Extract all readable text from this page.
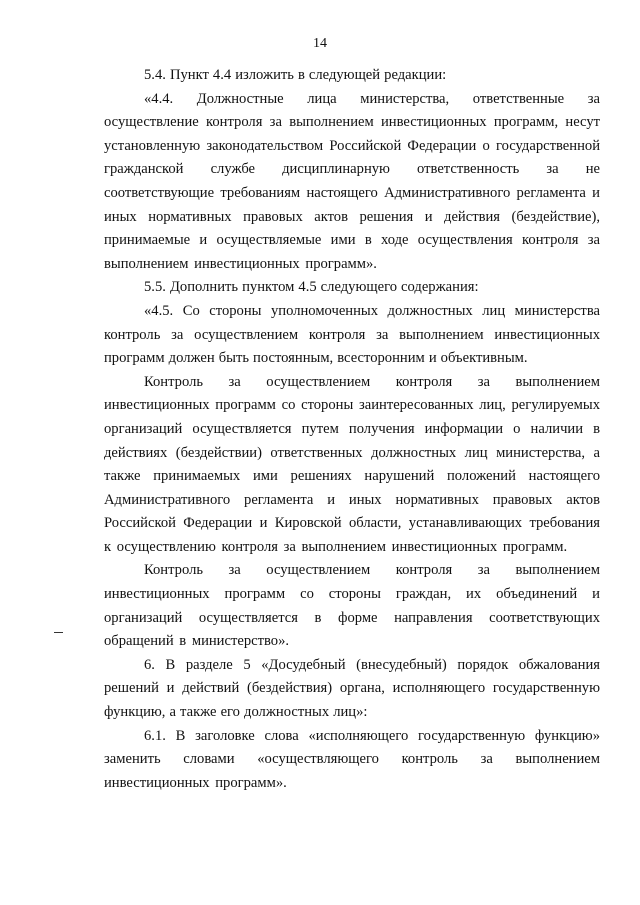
14

5.4. Пункт 4.4 изложить в следующей редакции:

«4.4. Должностные лица министерства, ответственные за осуществление контроля за выполнением инвестиционных программ, несут установленную законодательством Российской Федерации о государственной гражданской службе дисциплинарную ответственность за не соответствующие требованиям настоящего Административного регламента и иных нормативных правовых актов решения и действия (бездействие), принимаемые и осуществляемые ими в ходе осуществления контроля за выполнением инвестиционных программ».

5.5. Дополнить пунктом 4.5 следующего содержания:

«4.5. Со стороны уполномоченных должностных лиц министерства контроль за осуществлением контроля за выполнением инвестиционных программ должен быть постоянным, всесторонним и объективным.

Контроль за осуществлением контроля за выполнением инвестиционных программ со стороны заинтересованных лиц, регулируемых организаций осуществляется путем получения информации о наличии в действиях (бездействии) ответственных должностных лиц министерства, а также принимаемых ими решениях нарушений положений настоящего Административного регламента и иных нормативных правовых актов Российской Федерации и Кировской области, устанавливающих требования к осуществлению контроля за выполнением инвестиционных программ.

Контроль за осуществлением контроля за выполнением инвестиционных программ со стороны граждан, их объединений и организаций осуществляется в форме направления соответствующих обращений в министерство».

6. В разделе 5 «Досудебный (внесудебный) порядок обжалования решений и действий (бездействия) органа, исполняющего государственную функцию, а также его должностных лиц»:

6.1. В заголовке слова «исполняющего государственную функцию» заменить словами «осуществляющего контроль за выполнением инвестиционных программ».
